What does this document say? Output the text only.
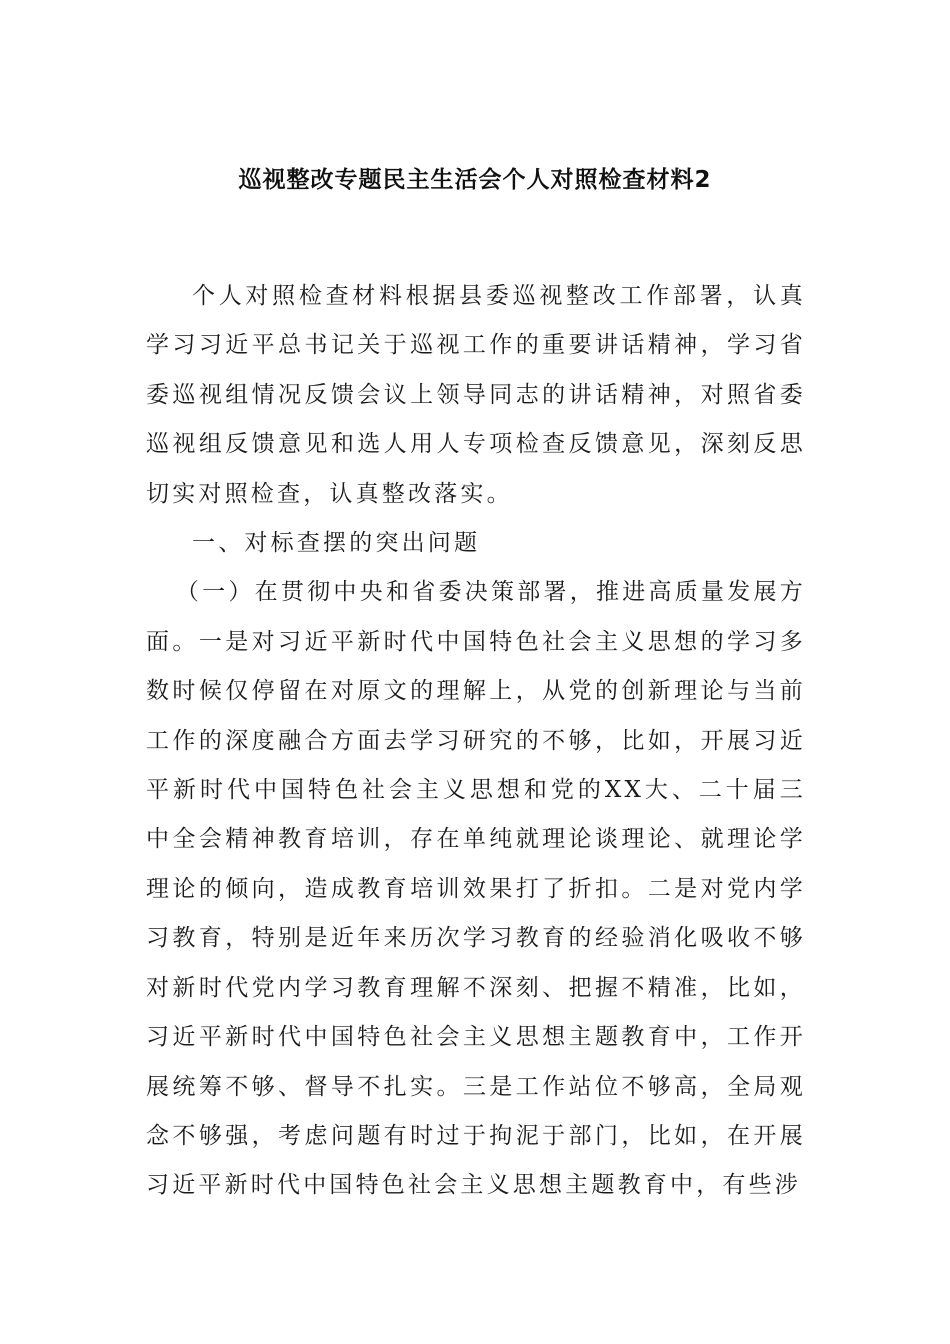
巡视整改专题民主生活会个人对照检查材料2

个人对照检查材料根据县委巡视整改工作部署，认真学习习近平总书记关于巡视工作的重要讲话精神，学习省委巡视组情况反馈会议上领导同志的讲话精神，对照省委巡视组反馈意见和选人用人专项检查反馈意见，深刻反思切实对照检查，认真整改落实。

一、对标查摆的突出问题

（一）在贯彻中央和省委决策部署，推进高质量发展方面。一是对习近平新时代中国特色社会主义思想的学习多数时候仅停留在对原文的理解上，从党的创新理论与当前工作的深度融合方面去学习研究的不够，比如，开展习近平新时代中国特色社会主义思想和党的XX大、二十届三中全会精神教育培训，存在单纯就理论谈理论、就理论学理论的倾向，造成教育培训效果打了折扣。二是对党内学习教育，特别是近年来历次学习教育的经验消化吸收不够对新时代党内学习教育理解不深刻、把握不精准，比如，习近平新时代中国特色社会主义思想主题教育中，工作开展统筹不够、督导不扎实。三是工作站位不够高，全局观念不够强，考虑问题有时过于拘泥于部门，比如，在开展习近平新时代中国特色社会主义思想主题教育中，有些涉
